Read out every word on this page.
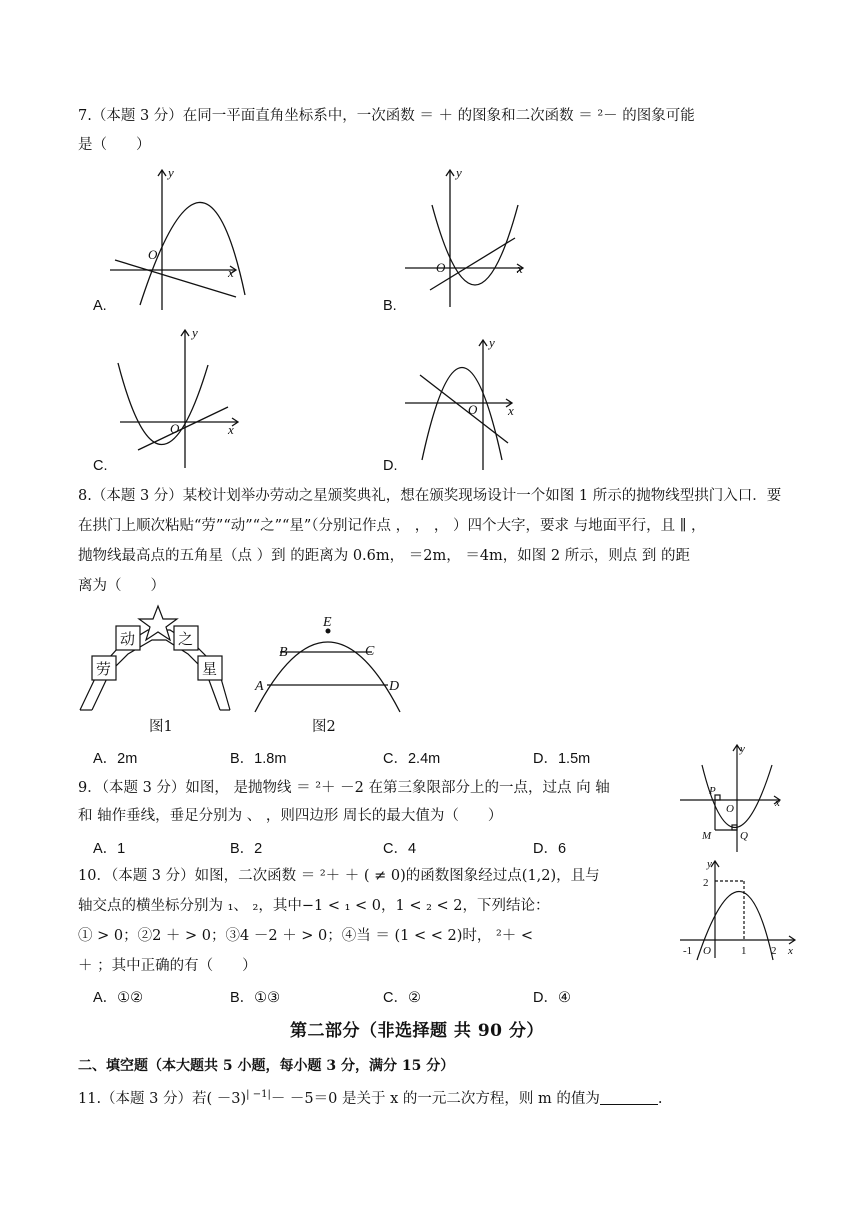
7.（本题 3 分）在同一平面直角坐标系中，一次函数 ＝ ＋ 的图象和二次函数 ＝ ²－ 的图象可能
是（　　）
y
x
O
A.
y
x
O
B.
y
x
O
C.
y
x
O
D.
8.（本题 3 分）某校计划举办劳动之星颁奖典礼，想在颁奖现场设计一个如图 1 所示的抛物线型拱门入口．要
在拱门上顺次粘贴“劳”“动”“之”“星”（分别记作点 ， ， ， ）四个大字，要求 与地面平行，且 ∥ ，
抛物线最高点的五角星（点 ）到 的距离为 0.6m， ＝2m， ＝4m，如图 2 所示，则点 到 的距
离为（　　）
劳
动	之
星
图1
E
B	C
A	D
图2
A．2m	B．1.8m	C．2.4m	D．1.5m
9．（本题 3 分）如图， 是抛物线 ＝ ²＋ －2 在第三象限部分上的一点，过点 向 轴
和 轴作垂线，垂足分别为 、 ，则四边形 周长的最大值为（　　）
A．1	B．2	C．4	D．6
y
x
O
P
M	Q
10．（本题 3 分）如图，二次函数 ＝ ²＋ ＋ ( ≠ 0)的函数图象经过点(1,2)，且与
轴交点的横坐标分别为 ₁、 ₂，其中−1 < ₁ < 0，1 < ₂ < 2，下列结论：
① > 0；②2 ＋ > 0；③4 －2 ＋ > 0；④当 ＝ (1 < < 2)时， ²＋ <
＋ ；其中正确的有（　　）
A．①②	B．①③	C．②	D．④
2
-1 O	1 2 x
y
第二部分（非选择题 共 90 分）
二、填空题（本大题共 5 小题，每小题 3 分，满分 15 分）
11.（本题 3 分）若( －3)$^{| -1|}$－ －5＝0 是关于 x 的一元二次方程，则 m 的值为	.
